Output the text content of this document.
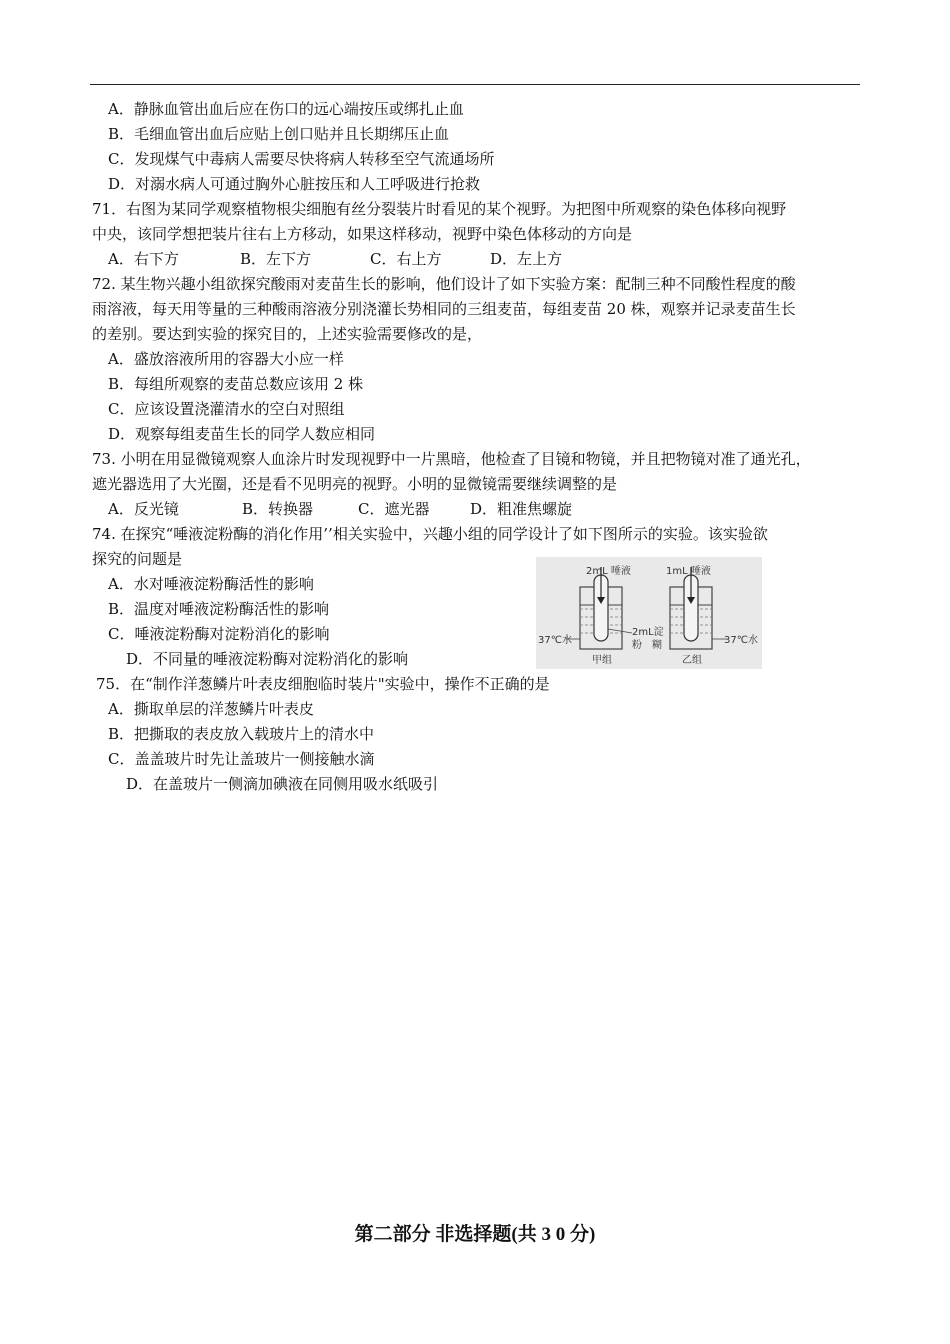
A．静脉血管出血后应在伤口的远心端按压或绑扎止血
B．毛细血管出血后应贴上创口贴并且长期绑压止血
C．发现煤气中毒病人需要尽快将病人转移至空气流通场所
D．对溺水病人可通过胸外心脏按压和人工呼吸进行抢救
71．右图为某同学观察植物根尖细胞有丝分裂装片时看见的某个视野。为把图中所观察的染色体移向视野
中央，该同学想把装片往右上方移动，如果这样移动，视野中染色体移动的方向是
A．右下方	B．左下方	C．右上方	D．左上方
72. 某生物兴趣小组欲探究酸雨对麦苗生长的影响，他们设计了如下实验方案：配制三种不同酸性程度的酸
雨溶液，每天用等量的三种酸雨溶液分别浇灌长势相同的三组麦苗，每组麦苗 20 株，观察并记录麦苗生长
的差别。要达到实验的探究目的，上述实验需要修改的是，
A．盛放溶液所用的容器大小应一样
B．每组所观察的麦苗总数应该用 2 株
C．应该设置浇灌清水的空白对照组
D．观察每组麦苗生长的同学人数应相同
73. 小明在用显微镜观察人血涂片时发现视野中一片黑暗，他检查了目镜和物镜，并且把物镜对准了通光孔，
遮光器选用了大光圈，还是看不见明亮的视野。小明的显微镜需要继续调整的是
A．反光镜	B．转换器	C．遮光器	D．粗准焦螺旋
74. 在探究“唾液淀粉酶的消化作用’’相关实验中，兴趣小组的同学设计了如下图所示的实验。该实验欲
探究的问题是
A．水对唾液淀粉酶活性的影响
B．温度对唾液淀粉酶活性的影响
C．唾液淀粉酶对淀粉消化的影响
D．不同量的唾液淀粉酶对淀粉消化的影响
2mL 唾液	1mL 唾液
37℃水
2mL淀
粉　糊	37℃水
甲组	乙组
75．在“制作洋葱鳞片叶表皮细胞临时装片"实验中，操作不正确的是
A．撕取单层的洋葱鳞片叶表皮
B．把撕取的表皮放入载玻片上的清水中
C．盖盖玻片时先让盖玻片一侧接触水滴
D．在盖玻片一侧滴加碘液在同侧用吸水纸吸引
第二部分 非选择题(共 3 0 分)
